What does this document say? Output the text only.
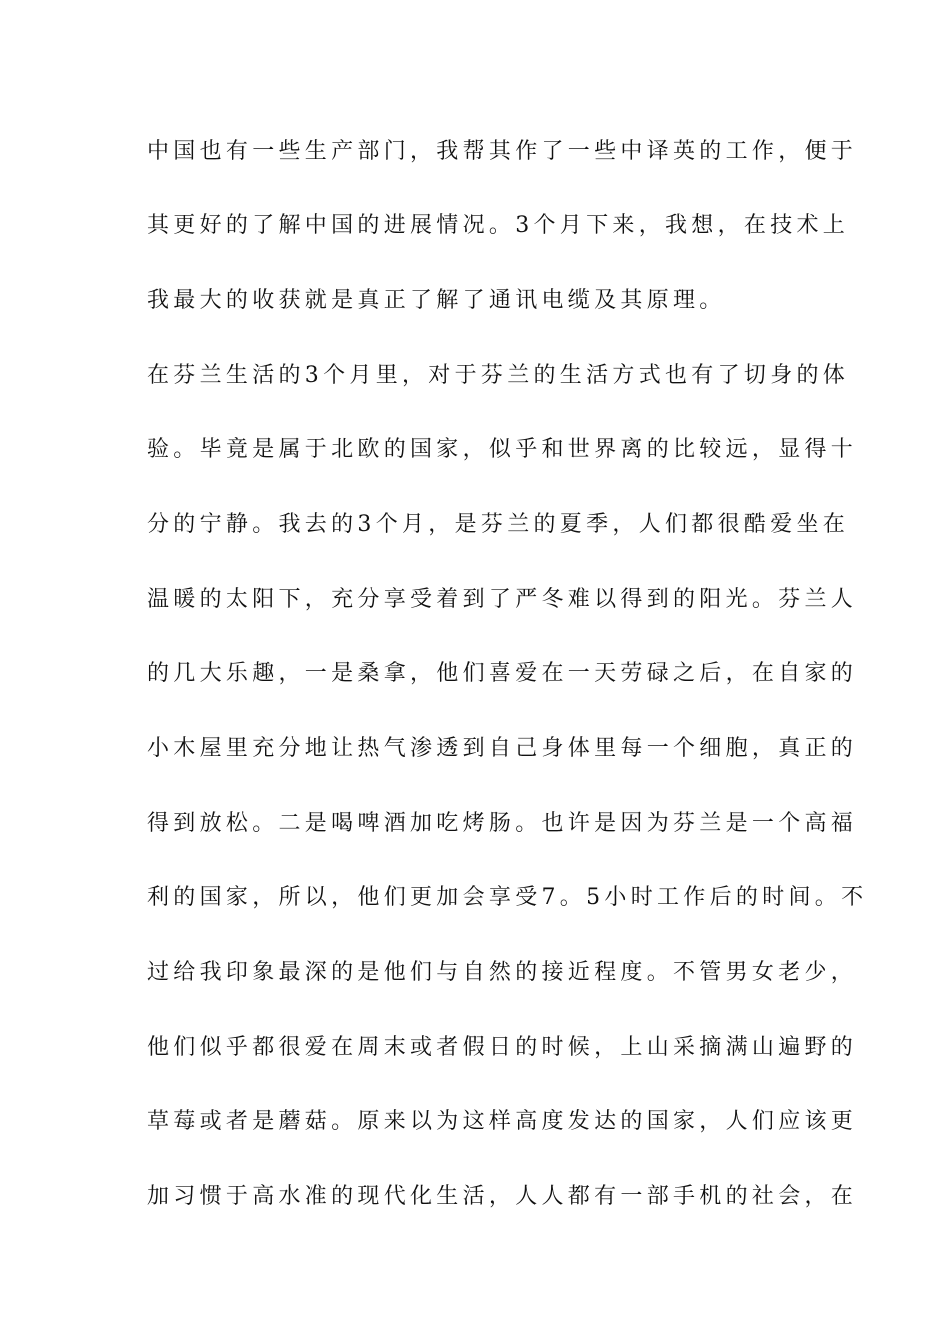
中国也有一些生产部门，我帮其作了一些中译英的工作，便于
其更好的了解中国的进展情况。3个月下来，我想，在技术上
我最大的收获就是真正了解了通讯电缆及其原理。
在芬兰生活的3个月里，对于芬兰的生活方式也有了切身的体
验。毕竟是属于北欧的国家，似乎和世界离的比较远，显得十
分的宁静。我去的3个月，是芬兰的夏季，人们都很酷爱坐在
温暖的太阳下，充分享受着到了严冬难以得到的阳光。芬兰人
的几大乐趣，一是桑拿，他们喜爱在一天劳碌之后，在自家的
小木屋里充分地让热气渗透到自己身体里每一个细胞，真正的
得到放松。二是喝啤酒加吃烤肠。也许是因为芬兰是一个高福
利的国家，所以，他们更加会享受7。5小时工作后的时间。不
过给我印象最深的是他们与自然的接近程度。不管男女老少，
他们似乎都很爱在周末或者假日的时候，上山采摘满山遍野的
草莓或者是蘑菇。原来以为这样高度发达的国家，人们应该更
加习惯于高水准的现代化生活，人人都有一部手机的社会，在
